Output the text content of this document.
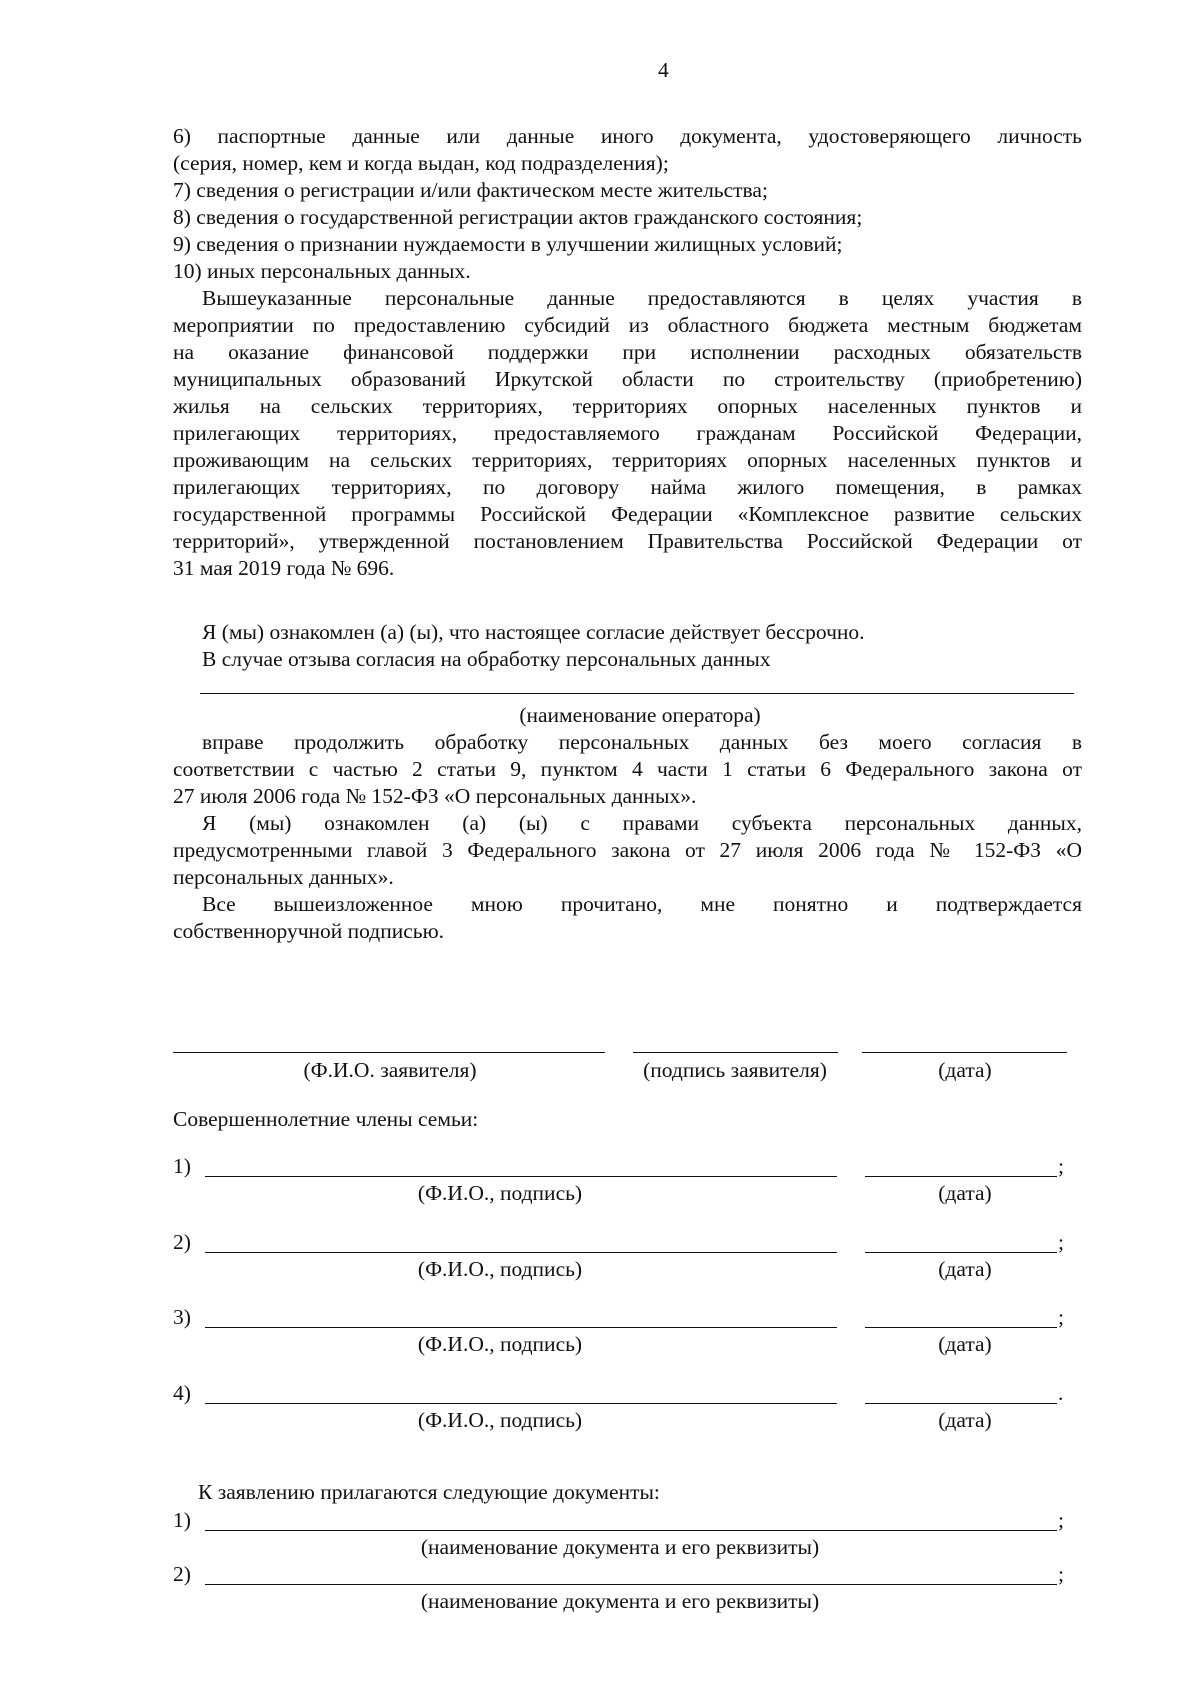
4
6) паспортные данные или данные иного документа, удостоверяющего личность
(серия, номер, кем и когда выдан, код подразделения);
7) сведения о регистрации и/или фактическом месте жительства;
8) сведения о государственной регистрации актов гражданского состояния;
9) сведения о признании нуждаемости в улучшении жилищных условий;
10) иных персональных данных.
Вышеуказанные персональные данные предоставляются в целях участия в
мероприятии по предоставлению субсидий из областного бюджета местным бюджетам
на оказание финансовой поддержки при исполнении расходных обязательств
муниципальных образований Иркутской области по строительству (приобретению)
жилья на сельских территориях, территориях опорных населенных пунктов и
прилегающих территориях, предоставляемого гражданам Российской Федерации,
проживающим на сельских территориях, территориях опорных населенных пунктов и
прилегающих территориях, по договору найма жилого помещения, в рамках
государственной программы Российской Федерации «Комплексное развитие сельских
территорий», утвержденной постановлением Правительства Российской Федерации от
31 мая 2019 года № 696.
Я (мы) ознакомлен (а) (ы), что настоящее согласие действует бессрочно.
В случае отзыва согласия на обработку персональных данных
(наименование оператора)
вправе продолжить обработку персональных данных без моего согласия в
соответствии с частью 2 статьи 9, пунктом 4 части 1 статьи 6 Федерального закона от
27 июля 2006 года № 152-ФЗ «О персональных данных».
Я (мы) ознакомлен (а) (ы) с правами субъекта персональных данных,
предусмотренными главой 3 Федерального закона от 27 июля 2006 года № 152-ФЗ «О
персональных данных».
Все вышеизложенное мною прочитано, мне понятно и подтверждается
собственноручной подписью.
(Ф.И.О. заявителя)	(подпись заявителя)	(дата)
Совершеннолетние члены семьи:
1)	;
(Ф.И.О., подпись)	(дата)
2)	;
(Ф.И.О., подпись)	(дата)
3)	;
(Ф.И.О., подпись)	(дата)
4)	.
(Ф.И.О., подпись)	(дата)
К заявлению прилагаются следующие документы:
1)	;
(наименование документа и его реквизиты)
2)	;
(наименование документа и его реквизиты)
